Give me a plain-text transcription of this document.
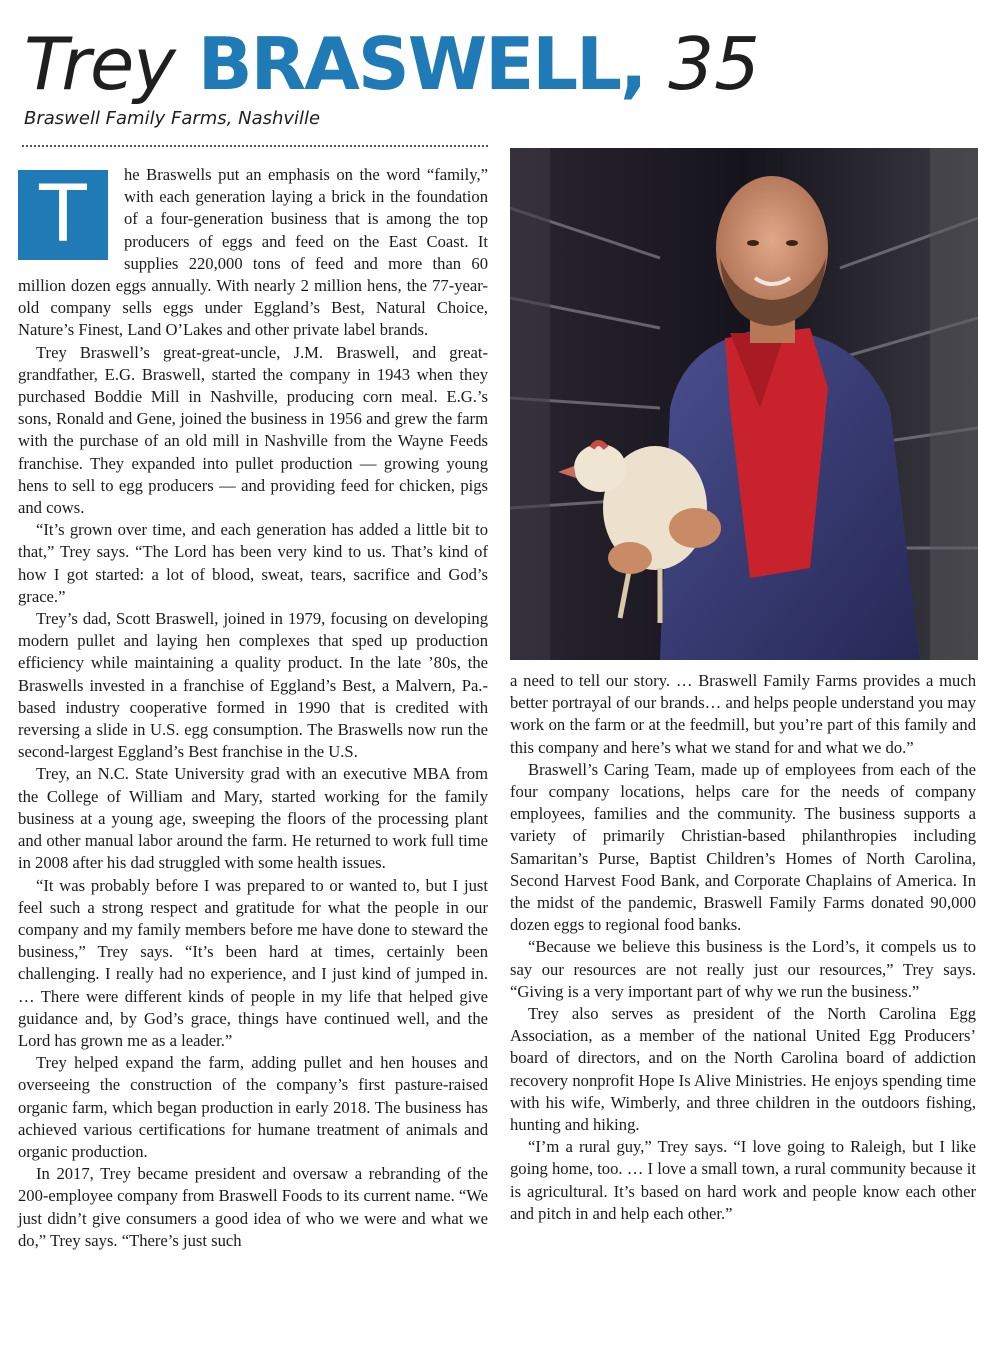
Trey BRASWELL, 35

Braswell Family Farms, Nashville

T	he Braswells put an emphasis on the word “family,” with each generation laying a brick in the foundation of a four-generation business that is among the top producers of eggs and feed on the East Coast. It supplies 220,000 tons of feed and more than 60 million dozen eggs annually. With nearly 2 million hens, the 77-year-old company sells eggs under Eggland’s Best, Natural Choice, Nature’s Finest, Land O’Lakes and other private label brands.

Trey Braswell’s great-great-uncle, J.M. Braswell, and great-grandfather, E.G. Braswell, started the company in 1943 when they purchased Boddie Mill in Nashville, producing corn meal. E.G.’s sons, Ronald and Gene, joined the business in 1956 and grew the farm with the purchase of an old mill in Nashville from the Wayne Feeds franchise. They expanded into pullet production — growing young hens to sell to egg producers — and providing feed for chicken, pigs and cows.

“It’s grown over time, and each generation has added a little bit to that,” Trey says. “The Lord has been very kind to us. That’s kind of how I got started: a lot of blood, sweat, tears, sacrifice and God’s grace.”

Trey’s dad, Scott Braswell, joined in 1979, focusing on developing modern pullet and laying hen complexes that sped up production efficiency while maintaining a quality product. In the late ’80s, the Braswells invested in a franchise of Eggland’s Best, a Malvern, Pa.-based industry cooperative formed in 1990 that is credited with reversing a slide in U.S. egg consumption. The Braswells now run the second-largest Eggland’s Best franchise in the U.S.

Trey, an N.C. State University grad with an executive MBA from the College of William and Mary, started working for the family business at a young age, sweeping the floors of the processing plant and other manual labor around the farm. He returned to work full time in 2008 after his dad struggled with some health issues.

“It was probably before I was prepared to or wanted to, but I just feel such a strong respect and gratitude for what the people in our company and my family members before me have done to steward the business,” Trey says. “It’s been hard at times, certainly been challenging. I really had no experience, and I just kind of jumped in. … There were different kinds of people in my life that helped give guidance and, by God’s grace, things have continued well, and the Lord has grown me as a leader.”

Trey helped expand the farm, adding pullet and hen houses and overseeing the construction of the company’s first pasture-raised organic farm, which began production in early 2018. The business has achieved various certifications for humane treatment of animals and organic production.

In 2017, Trey became president and oversaw a rebranding of the 200-employee company from Braswell Foods to its current name. “We just didn’t give consumers a good idea of who we were and what we do,” Trey says. “There’s just such

a need to tell our story. … Braswell Family Farms provides a much better portrayal of our brands… and helps people understand you may work on the farm or at the feedmill, but you’re part of this family and this company and here’s what we stand for and what we do.”

Braswell’s Caring Team, made up of employees from each of the four company locations, helps care for the needs of company employees, families and the community. The business supports a variety of primarily Christian-based philanthropies including Samaritan’s Purse, Baptist Children’s Homes of North Carolina, Second Harvest Food Bank, and Corporate Chaplains of America. In the midst of the pandemic, Braswell Family Farms donated 90,000 dozen eggs to regional food banks.

“Because we believe this business is the Lord’s, it compels us to say our resources are not really just our resources,” Trey says. “Giving is a very important part of why we run the business.”

Trey also serves as president of the North Carolina Egg Association, as a member of the national United Egg Producers’ board of directors, and on the North Carolina board of addiction recovery nonprofit Hope Is Alive Ministries. He enjoys spending time with his wife, Wimberly, and three children in the outdoors fishing, hunting and hiking.

“I’m a rural guy,” Trey says. “I love going to Raleigh, but I like going home, too. … I love a small town, a rural community because it is agricultural. It’s based on hard work and people know each other and pitch in and help each other.”
